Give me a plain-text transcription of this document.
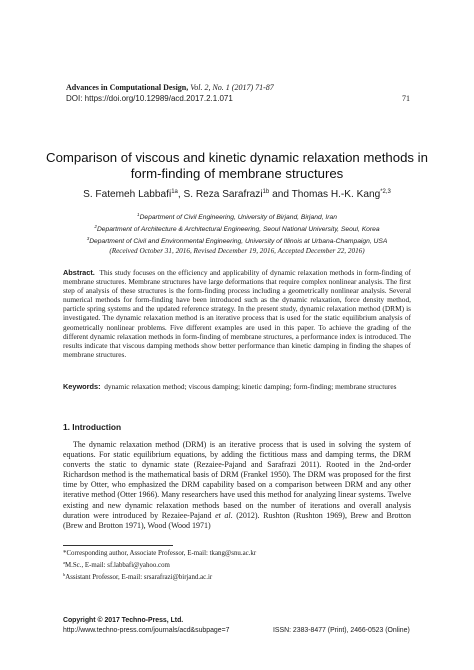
Advances in Computational Design, Vol. 2, No. 1 (2017) 71-87
DOI: https://doi.org/10.12989/acd.2017.2.1.071	71
Comparison of viscous and kinetic dynamic relaxation methods in form-finding of membrane structures
S. Fatemeh Labbafi$^{1a}$, S. Reza Sarafrazi$^{1b}$ and Thomas H.-K. Kang$^{*2,3}$
$^1$Department of Civil Engineering, University of Birjand, Birjand, Iran
$^2$Department of Architecture & Architectural Engineering, Seoul National University, Seoul, Korea
$^3$Department of Civil and Environmental Engineering, University of Illinois at Urbana-Champaign, USA
(Received October 31, 2016, Revised December 19, 2016, Accepted December 22, 2016)
Abstract. This study focuses on the efficiency and applicability of dynamic relaxation methods in form-finding of membrane structures. Membrane structures have large deformations that require complex nonlinear analysis. The first step of analysis of these structures is the form-finding process including a geometrically nonlinear analysis. Several numerical methods for form-finding have been introduced such as the dynamic relaxation, force density method, particle spring systems and the updated reference strategy. In the present study, dynamic relaxation method (DRM) is investigated. The dynamic relaxation method is an iterative process that is used for the static equilibrium analysis of geometrically nonlinear problems. Five different examples are used in this paper. To achieve the grading of the different dynamic relaxation methods in form-finding of membrane structures, a performance index is introduced. The results indicate that viscous damping methods show better performance than kinetic damping in finding the shapes of membrane structures.
Keywords: dynamic relaxation method; viscous damping; kinetic damping; form-finding; membrane structures
1. Introduction
The dynamic relaxation method (DRM) is an iterative process that is used in solving the system of equations. For static equilibrium equations, by adding the fictitious mass and damping terms, the DRM converts the static to dynamic state (Rezaiee-Pajand and Sarafrazi 2011). Rooted in the 2nd-order Richardson method is the mathematical basis of DRM (Frankel 1950). The DRM was proposed for the first time by Otter, who emphasized the DRM capability based on a comparison between DRM and any other iterative method (Otter 1966). Many researchers have used this method for analyzing linear systems. Twelve existing and new dynamic relaxation methods based on the number of iterations and overall analysis duration were introduced by Rezaiee-Pajand et al. (2012). Rushton (Rushton 1969), Brew and Brotton (Brew and Brotton 1971), Wood (Wood 1971)
*Corresponding author, Associate Professor, E-mail: tkang@snu.ac.kr
$^a$M.Sc., E-mail: sf.labbafi@yahoo.com
$^b$Assistant Professor, E-mail: srsarafrazi@birjand.ac.ir
Copyright © 2017 Techno-Press, Ltd.
http://www.techno-press.com/journals/acd&subpage=7	ISSN: 2383-8477 (Print), 2466-0523 (Online)
